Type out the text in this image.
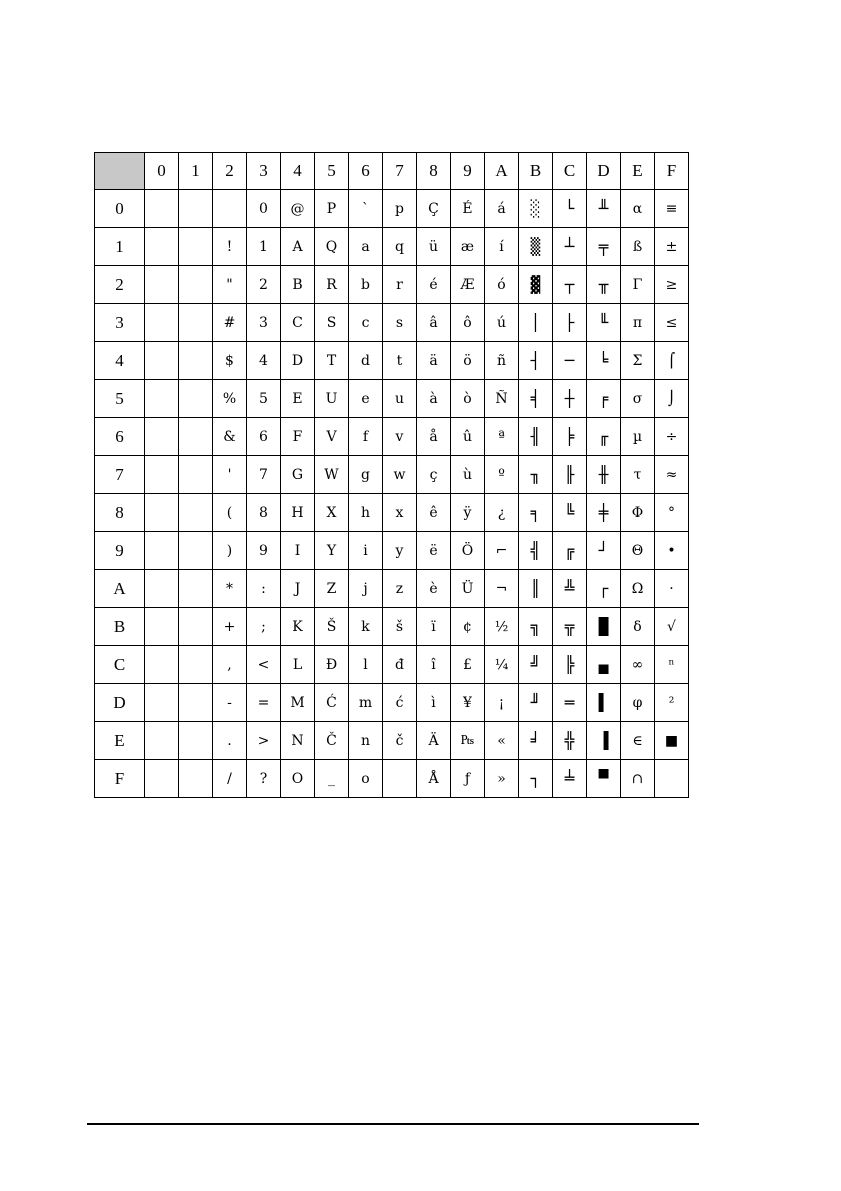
	0	1	2	3	4	5	6	7	8	9	A	B	C	D	E	F
0				0	@	P	`	p	Ç	É	á	░	└	╨	α	≡
1			!	1	A	Q	a	q	ü	æ	í	▒	┴	╤	ß	±
2			"	2	B	R	b	r	é	Æ	ó	▓	┬	╥	Γ	≥
3			#	3	C	S	c	s	â	ô	ú	│	├	╙	π	≤
4			$	4	D	T	d	t	ä	ö	ñ	┤	─	╘	Σ	⌠
5			%	5	E	U	e	u	à	ò	Ñ	╡	┼	╒	σ	⌡
6			&	6	F	V	f	v	å	û	ª	╢	╞	╓	µ	÷
7			'	7	G	W	g	w	ç	ù	º	╖	╟	╫	τ	≈
8			(	8	H	X	h	x	ê	ÿ	¿	╕	╚	╪	Φ	°
9			)	9	I	Y	i	y	ë	Ö	⌐	╣	╔	┘	Θ	•
A			*	:	J	Z	j	z	è	Ü	¬	║	╩	┌	Ω	·
B			+	;	K	Š	k	š	ï	¢	½	╗	╦	█	δ	√
C			,	<	L	Đ	l	đ	î	£	¼	╝	╠	▄	∞	ⁿ
D			-	=	M	Ć	m	ć	ì	¥	¡	╜	═	▌	φ	²
E			.	>	N	Č	n	č	Ä	₧	«	╛	╬	▐	∈	■
F			/	?	O	_	o		Å	ƒ	»	┐	╧	▀	∩	
